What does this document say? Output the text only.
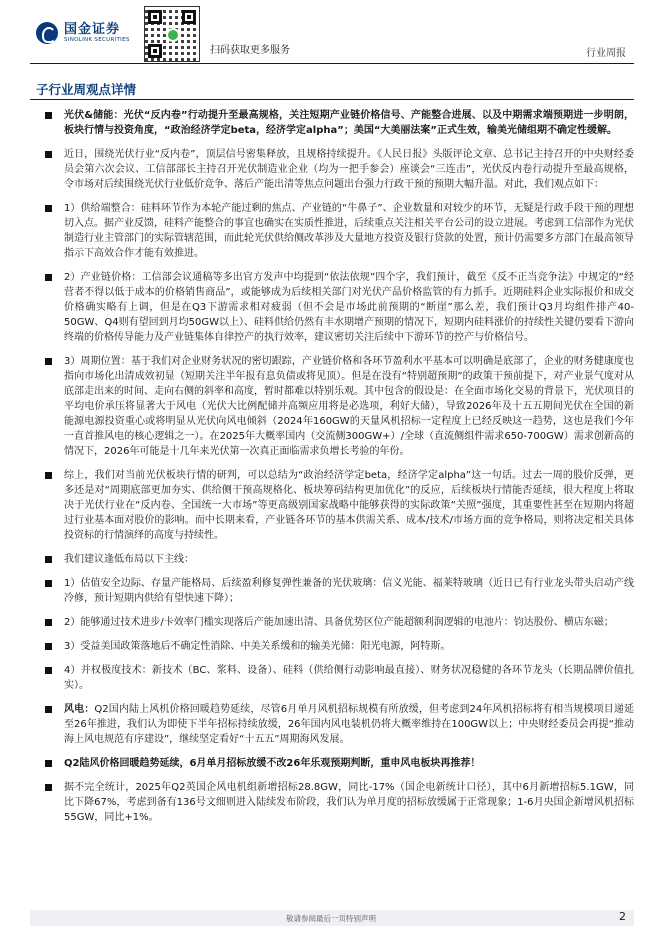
国金证券
SINOLINK SECURITIES
扫码获取更多服务	行业周报
子行业周观点详情
光伏&储能：光伏“反内卷”行动提升至最高规格，关注短期产业链价格信号、产能整合进展、以及中期需求端预期进一步明朗，板块行情与投资角度，“政治经济学定beta，经济学定alpha”；美国“大美丽法案”正式生效，输美光储组期不确定性缓解。
近日，围绕光伏行业“反内卷”，顶层信号密集释放，且规格持续提升。《人民日报》头版评论文章、总书记主持召开的中央财经委员会第六次会议、工信部部长主持召开光伏制造业企业（均为一把手参会）座谈会“三连击”，光伏反内卷行动提升至最高规格，令市场对后续围绕光伏行业低价竞争、落后产能出清等焦点问题出台强力行政干预的预期大幅升温。对此，我们观点如下：
1）供给端整合：硅料环节作为本轮产能过剩的焦点、产业链的“牛鼻子”、企业数量和对较少的环节，无疑是行政手段干预的理想切入点。据产业反馈，硅料产能整合的事宜也确实在实质性推进，后续重点关注相关平台公司的设立进展。考虑到工信部作为光伏制造行业主管部门的实际管辖范围，而此轮光伏供给侧改革涉及大量地方投资及银行贷款的处置，预计仍需要多方部门在最高领导指示下高效合作才能有效推进。
2）产业链价格：工信部会议通稿等多出官方发声中均提到“依法依规”四个字，我们预计，截至《反不正当竞争法》中规定的“经营者不得以低于成本的价格销售商品”，或能够成为后续相关部门对光伏产品价格监管的有力抓手。近期硅料企业实际报价和成交价格确实略有上调，但是在Q3下游需求相对疲弱（但不会是市场此前预期的“断崖”那么差，我们预计Q3月均组件排产40-50GW、Q4则有望回到月均50GW以上）、硅料供给仍然有丰水期增产预期的情况下，短期内硅料涨价的持续性关键仍要看下游向终端的价格传导能力及产业链集体自律控产的执行效率，建议密切关注后续中下游环节的控产与价格信号。
3）周期位置：基于我们对企业财务状况的密切跟踪，产业链价格和各环节盈利水平基本可以明确是底部了，企业的财务健康度也指向市场化出清成效初显（短期关注半年报有息负债或将见顶）。但是在没有“特别超预期”的政策干预前提下，对产业景气度对从底部走出来的时间、走向右侧的斜率和高度，暂时都难以特别乐观。其中包含的假设是：在全面市场化交易的背景下，光伏项目的平均电价承压将显著大于风电（光伏大比例配储并高频应用将是必选项，利好大储），导致2026年及十五五期间光伏在全国的新能源电源投资重心或将明显从光伏向风电倾斜（2024年160GW的天量风机招标一定程度上已经反映这一趋势，这也是我们今年一直首推风电的核心逻辑之一）。在2025年大概率国内（交流侧300GW+）/全球（直流侧组件需求650-700GW）需求创新高的情况下，2026年可能是十几年来光伏第一次真正面临需求负增长考验的年份。
综上，我们对当前光伏板块行情的研判，可以总结为“政治经济学定beta，经济学定alpha”这一句话。过去一周的股价反弹，更多还是对“周期底部更加夯实、供给侧干预高规格化、板块筹码结构更加优化”的反应，后续板块行情能否延续，很大程度上将取决于光伏行业在“反内卷、全国统一大市场”等更高级别国家战略中能够获得的实际政策“关照”强度，其重要性甚至在短期内将超过行业基本面对股价的影响。而中长期来看，产业链各环节的基本供需关系、成本/技术/市场方面的竞争格局，则将决定相关具体投资标的行情演绎的高度与持续性。
我们建议逢低布局以下主线：
1）估值安全边际、存量产能格局、后续盈利修复弹性兼备的光伏玻璃：信义光能、福莱特玻璃（近日已有行业龙头带头启动产线冷修，预计短期内供给有望快速下降）；
2）能够通过技术进步/卡效率门槛实现落后产能加速出清、具备优势区位产能超额利润逻辑的电池片：钧达股份、横店东磁；
3）受益美国政策落地后不确定性消除、中美关系缓和的输美光储：阳光电源，阿特斯。
4）并权极度技术：新技术（BC、浆料、设备）、硅料（供给侧行动影响最直接）、财务状况稳健的各环节龙头（长期品牌价值扎实）。
风电：Q2国内陆上风机价格回暖趋势延续，尽管6月单月风机招标规模有所放缓，但考虑到24年风机招标将有相当规模项目递延至26年推进，我们认为即使下半年招标持续放缓，26年国内风电装机仍将大概率维持在100GW以上；中央财经委员会再提“推动海上风电规范有序建设”，继续坚定看好“十五五”周期海风发展。
Q2陆风价格回暖趋势延续，6月单月招标放缓不改26年乐观预期判断，重申风电板块再推荐！
据不完全统计，2025年Q2英国企风电机组新增招标28.8GW，同比-17%（国企电新统计口径），其中6月新增招标5.1GW，同比下降67%，考虑到备有136号文细则进入陆续发布阶段，我们认为单月度的招标放缓属于正常现象；1-6月央国企新增风机招标55GW，同比+1%。
敬请参阅最后一页特别声明	2
